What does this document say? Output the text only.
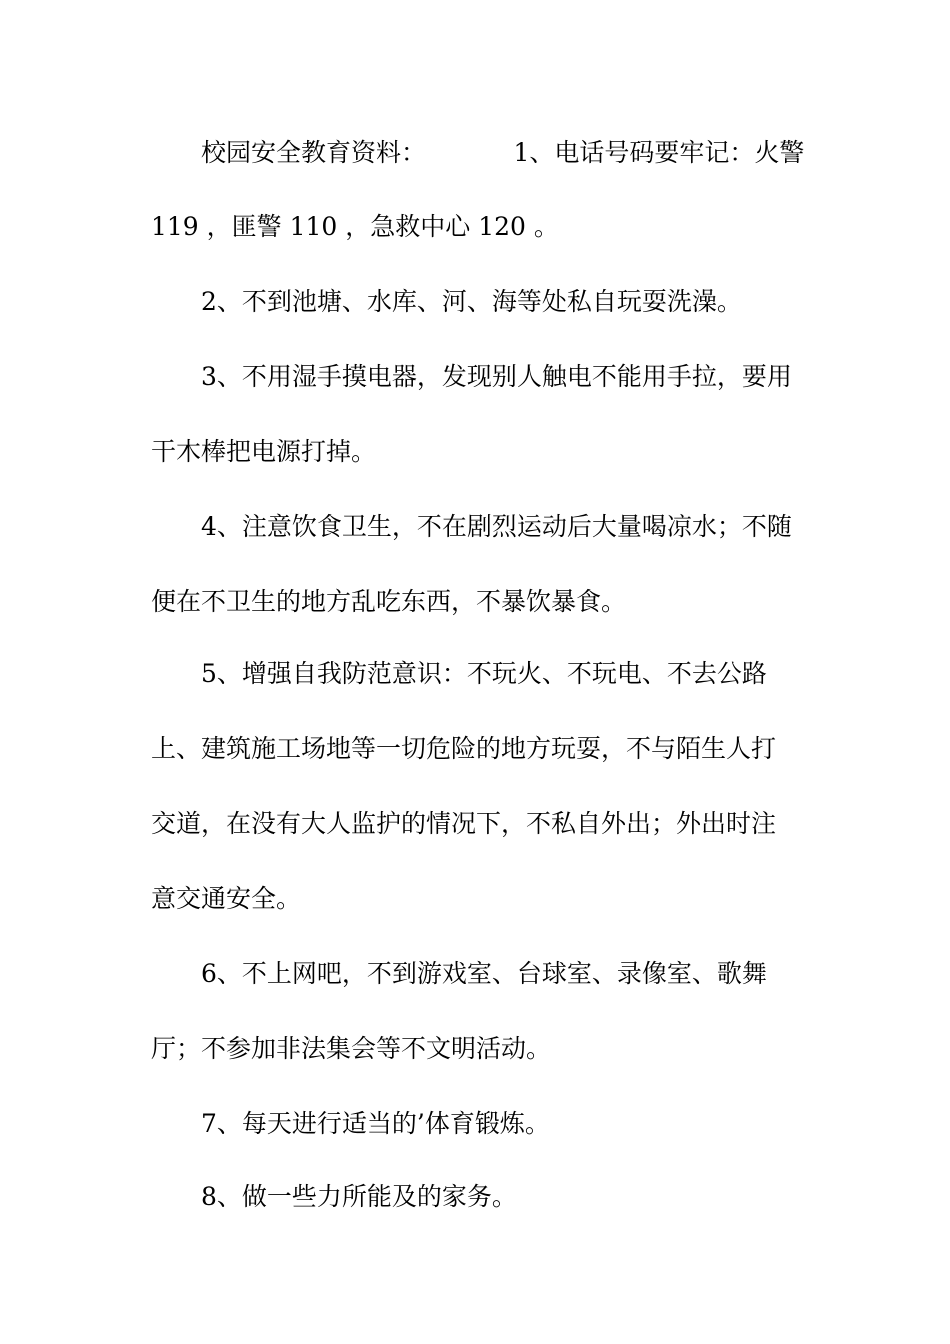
校园安全教育资料：　　　　1、电话号码要牢记：火警
119 ，匪警 110 ，急救中心 120 。
2、不到池塘、水库、河、海等处私自玩耍洗澡。
3、不用湿手摸电器，发现别人触电不能用手拉，要用
干木棒把电源打掉。
4、注意饮食卫生，不在剧烈运动后大量喝凉水；不随
便在不卫生的地方乱吃东西，不暴饮暴食。
5、增强自我防范意识：不玩火、不玩电、不去公路
上、建筑施工场地等一切危险的地方玩耍，不与陌生人打
交道，在没有大人监护的情况下，不私自外出；外出时注
意交通安全。
6、不上网吧，不到游戏室、台球室、录像室、歌舞
厅；不参加非法集会等不文明活动。
7、每天进行适当的’体育锻炼。
8、做一些力所能及的家务。
